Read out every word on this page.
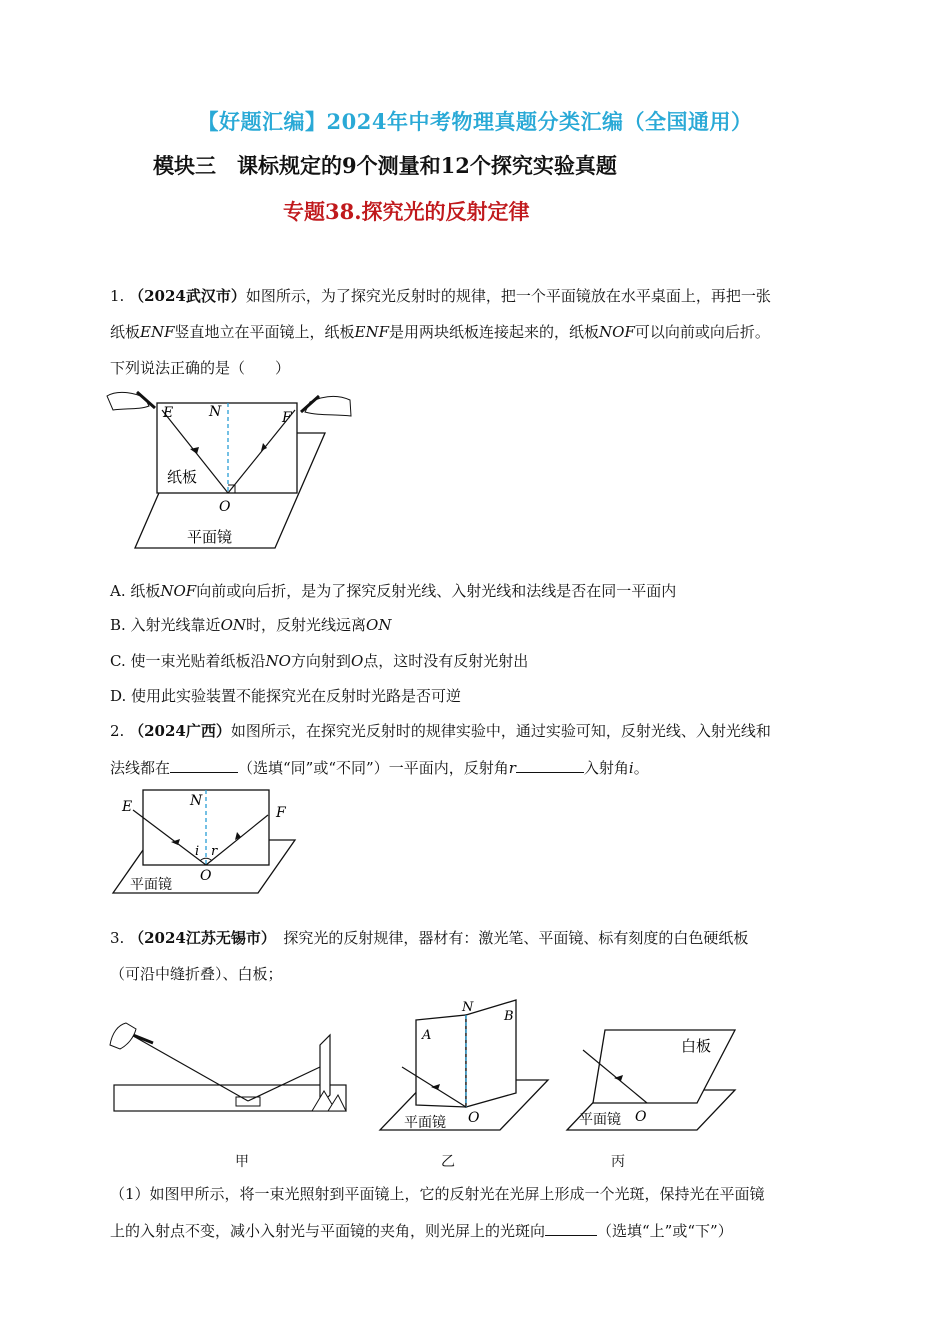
【好题汇编】2024年中考物理真题分类汇编（全国通用）
模块三　课标规定的9个测量和12个探究实验真题
专题38.探究光的反射定律
1. （2024武汉市）如图所示，为了探究光反射时的规律，把一个平面镜放在水平桌面上，再把一张
纸板ENF竖直地立在平面镜上，纸板ENF是用两块纸板连接起来的，纸板NOF可以向前或向后折。
下列说法正确的是（　　）
E	N	F
纸板
O
平面镜
A. 纸板NOF向前或向后折，是为了探究反射光线、入射光线和法线是否在同一平面内
B. 入射光线靠近ON时，反射光线远离ON
C. 使一束光贴着纸板沿NO方向射到O点，这时没有反射光射出
D. 使用此实验装置不能探究光在反射时光路是否可逆
2. （2024广西）如图所示，在探究光反射时的规律实验中，通过实验可知，反射光线、入射光线和
法线都在	（选填“同”或“不同”）一平面内，反射角r	入射角i。
E	N
F
i r
O
平面镜
3. （2024江苏无锡市）　 探究光的反射规律，器材有：激光笔、平面镜、标有刻度的白色硬纸板
（可沿中缝折叠）、白板；
N
A
B
O
平面镜
白板
O
平面镜
甲	乙	丙
（1）如图甲所示，将一束光照射到平面镜上，它的反射光在光屏上形成一个光斑，保持光在平面镜
上的入射点不变，减小入射光与平面镜的夹角，则光屏上的光斑向	（选填“上”或“下”）
